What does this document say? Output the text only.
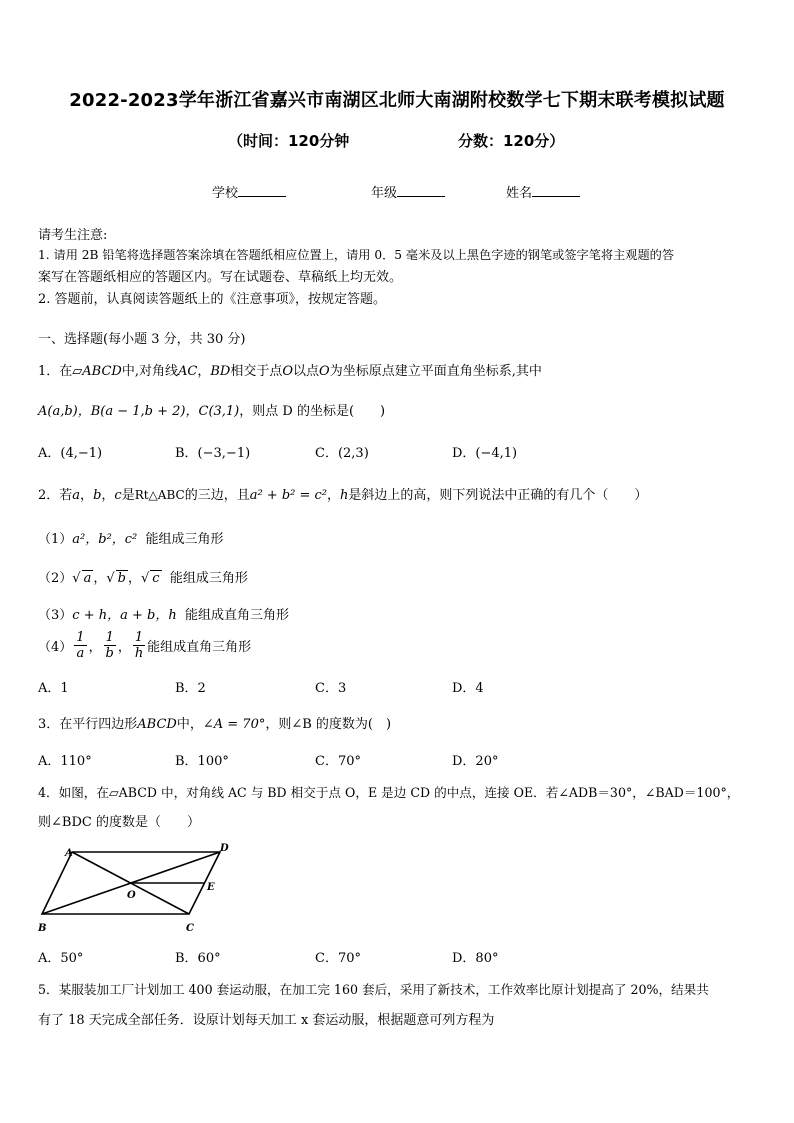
2022-2023学年浙江省嘉兴市南湖区北师大南湖附校数学七下期末联考模拟试题
（时间：120分钟	分数：120分）
学校	年级	姓名
请考生注意:
1. 请用 2B 铅笔将选择题答案涂填在答题纸相应位置上，请用 0．5 毫米及以上黑色字迹的钢笔或签字笔将主观题的答
案写在答题纸相应的答题区内。写在试题卷、草稿纸上均无效。
2. 答题前，认真阅读答题纸上的《注意事项》，按规定答题。
一、选择题(每小题 3 分，共 30 分)
1．在▱ABCD中,对角线AC，BD相交于点O以点O为坐标原点建立平面直角坐标系,其中
A(a,b)，B(a − 1,b + 2)，C(3,1)，则点 D 的坐标是(　　)
A．(4,−1)	B．(−3,−1)	C．(2,3)	D．(−4,1)
2．若a，b，c是Rt△ABC的三边，且a² + b² = c²，h是斜边上的高，则下列说法中正确的有几个（　　）
（1）a²，b²，c² 能组成三角形
（2）√ a ，√ b ，√ c 能组成三角形
（3）c + h，a + b，h 能组成直角三角形
$(4) \frac{1}{a}$ ， $\frac{1}{b}$ ， $\frac{1}{h}$ 能组成直角三角形
A．1	B．2	C．3	D．4
3．在平行四边形ABCD中，∠A = 70°，则∠B 的度数为(　)
A．110°	B．100°	C．70°	D．20°
4．如图，在▱ABCD 中，对角线 AC 与 BD 相交于点 O，E 是边 CD 的中点，连接 OE．若∠ADB＝30°，∠BAD＝100°，
则∠BDC 的度数是（　　）
A	D
E
O
B	C
A．50°	B．60°	C．70°	D．80°
5．某服装加工厂计划加工 400 套运动服，在加工完 160 套后，采用了新技术，工作效率比原计划提高了 20%，结果共
有了 18 天完成全部任务．设原计划每天加工 x 套运动服，根据题意可列方程为
